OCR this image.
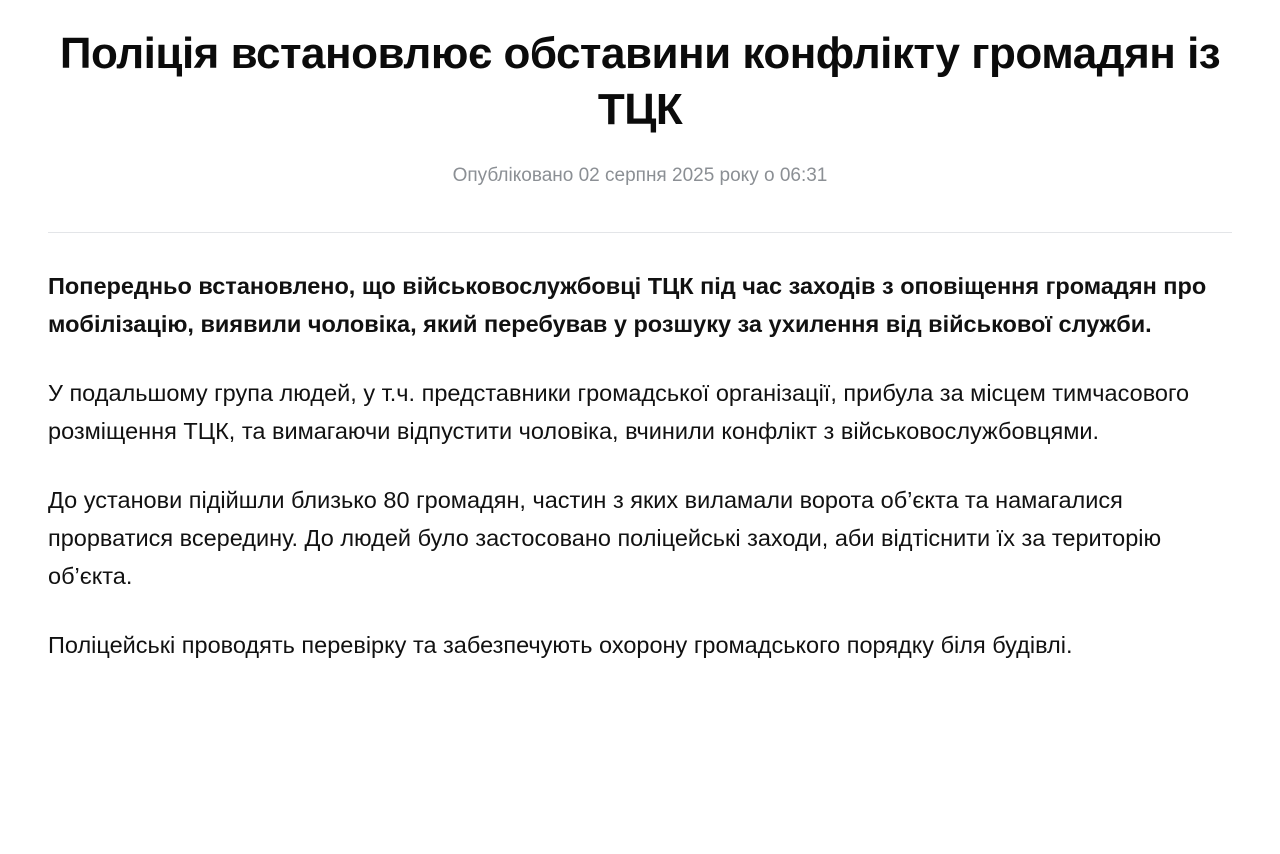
Поліція встановлює обставини конфлікту громадян із ТЦК
Опубліковано 02 серпня 2025 року о 06:31

Попередньо встановлено, що військовослужбовці ТЦК під час заходів з оповіщення громадян про мобілізацію, виявили чоловіка, який перебував у розшуку за ухилення від військової служби.

У подальшому група людей, у т.ч. представники громадської організації, прибула за місцем тимчасового розміщення ТЦК, та вимагаючи відпустити чоловіка, вчинили конфлікт з військовослужбовцями.

До установи підійшли близько 80 громадян, частин з яких виламали ворота об’єкта та намагалися прорватися всередину. До людей було застосовано поліцейські заходи, аби відтіснити їх за територію об’єкта.

Поліцейські проводять перевірку та забезпечують охорону громадського порядку біля будівлі.
